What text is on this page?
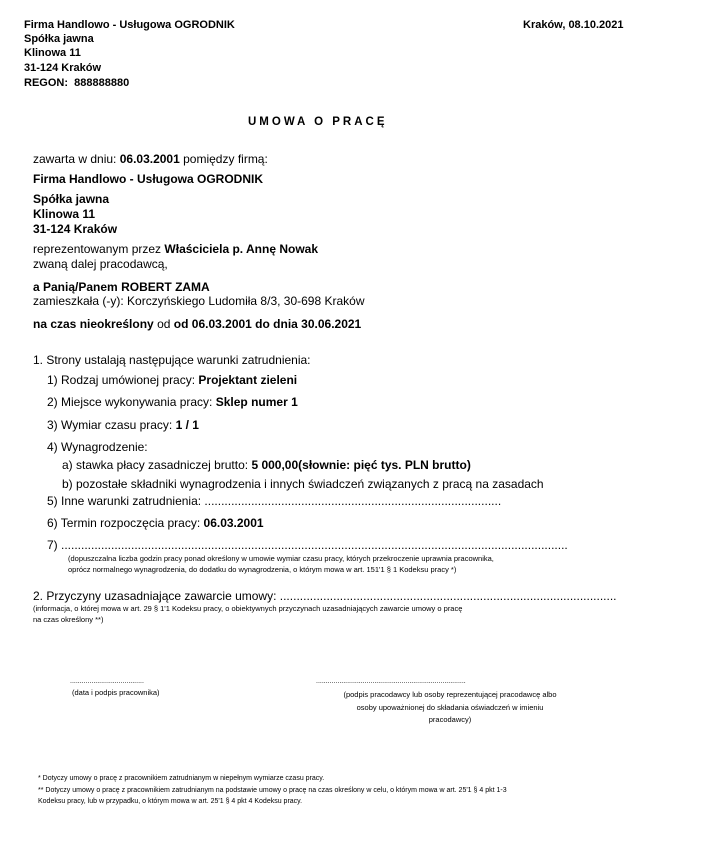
Firma Handlowo - Usługowa OGRODNIK
Spółka jawna
Klinowa 11
31-124 Kraków
REGON: 888888880
Kraków, 08.10.2021
UMOWA O PRACĘ
zawarta w dniu: 06.03.2001 pomiędzy firmą:
Firma Handlowo - Usługowa OGRODNIK
Spółka jawna
Klinowa 11
31-124 Kraków
reprezentowanym przez Właściciela p. Annę Nowak
zwaną dalej pracodawcą,
a Panią/Panem ROBERT ZAMA
zamieszkała (-y): Korczyńskiego Ludomiła 8/3, 30-698 Kraków
na czas nieokreślony od od 06.03.2001 do dnia 30.06.2021
1. Strony ustalają następujące warunki zatrudnienia:
1) Rodzaj umówionej pracy: Projektant zieleni
2) Miejsce wykonywania pracy: Sklep numer 1
3) Wymiar czasu pracy: 1 / 1
4) Wynagrodzenie:
a) stawka płacy zasadniczej brutto: 5 000,00(słownie: pięć tys. PLN brutto)
b) pozostałe składniki wynagrodzenia i innych świadczeń związanych z pracą na zasadach
5) Inne warunki zatrudnienia: .........................................................................................
6) Termin rozpoczęcia pracy: 06.03.2001
7) ........................................................................................................................................................
(dopuszczalna liczba godzin pracy ponad określony w umowie wymiar czasu pracy, których przekroczenie uprawnia pracownika,
oprócz normalnego wynagrodzenia, do dodatku do wynagrodzenia, o którym mowa w art. 151'1 § 1 Kodeksu pracy *)
2. Przyczyny uzasadniające zawarcie umowy: .....................................................................................................
(informacja, o której mowa w art. 29 § 1'1 Kodeksu pracy, o obiektywnych przyczynach uzasadniających zawarcie umowy o pracę
na czas określony **)
......................................
(data i podpis pracownika)
.............................................................................
(podpis pracodawcy lub osoby reprezentującej pracodawcę albo
osoby upoważnionej do składania oświadczeń w imieniu
pracodawcy)
* Dotyczy umowy o pracę z pracownikiem zatrudnianym w niepełnym wymiarze czasu pracy.
** Dotyczy umowy o pracę z pracownikiem zatrudnianym na podstawie umowy o pracę na czas określony w celu, o którym mowa w art. 25'1 § 4 pkt 1-3
Kodeksu pracy, lub w przypadku, o którym mowa w art. 25'1 § 4 pkt 4 Kodeksu pracy.
